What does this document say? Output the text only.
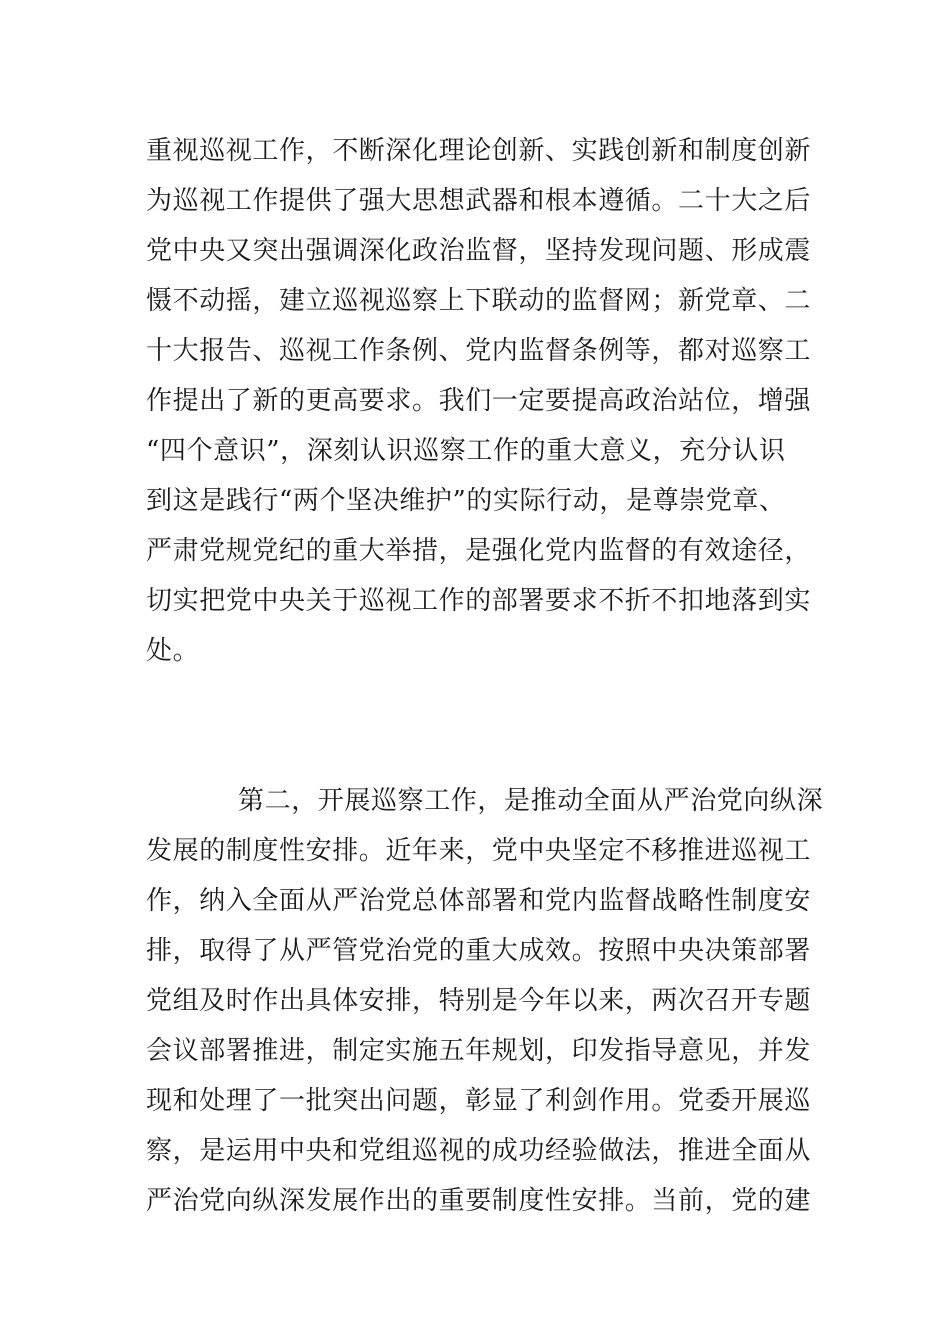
重视巡视工作，不断深化理论创新、实践创新和制度创新
为巡视工作提供了强大思想武器和根本遵循。二十大之后
党中央又突出强调深化政治监督，坚持发现问题、形成震
慑不动摇，建立巡视巡察上下联动的监督网；新党章、二
十大报告、巡视工作条例、党内监督条例等，都对巡察工
作提出了新的更高要求。我们一定要提高政治站位，增强
“四个意识”，深刻认识巡察工作的重大意义，充分认识
到这是践行“两个坚决维护”的实际行动，是尊崇党章、
严肃党规党纪的重大举措，是强化党内监督的有效途径，
切实把党中央关于巡视工作的部署要求不折不扣地落到实
处。
第二，开展巡察工作，是推动全面从严治党向纵深
发展的制度性安排。近年来，党中央坚定不移推进巡视工
作，纳入全面从严治党总体部署和党内监督战略性制度安
排，取得了从严管党治党的重大成效。按照中央决策部署
党组及时作出具体安排，特别是今年以来，两次召开专题
会议部署推进，制定实施五年规划，印发指导意见，并发
现和处理了一批突出问题，彰显了利剑作用。党委开展巡
察，是运用中央和党组巡视的成功经验做法，推进全面从
严治党向纵深发展作出的重要制度性安排。当前，党的建
